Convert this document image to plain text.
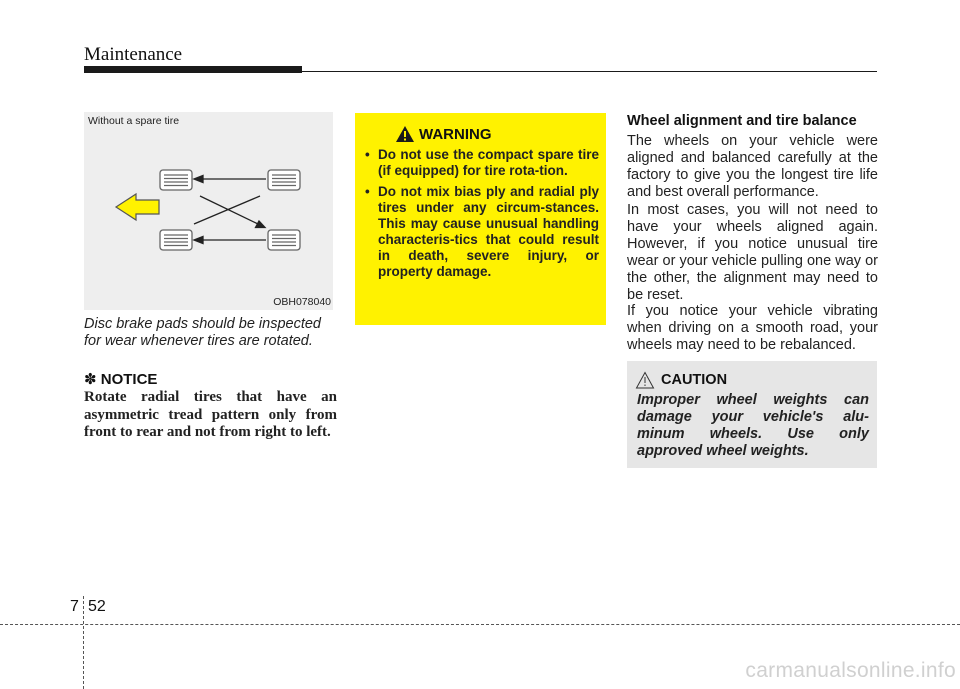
Maintenance
Without a spare tire
OBH078040
Disc brake pads should be inspected for wear whenever tires are rotated.
✽ NOTICE
Rotate radial tires that have an asymmetric tread pattern only from front to rear and not from right to left.
WARNING
• Do not use the compact spare tire (if equipped) for tire rota-tion.
• Do not mix bias ply and radial ply tires under any circum-stances. This may cause unusual handling characteris-tics that could result in death, severe injury, or property damage.
Wheel alignment and tire balance
The wheels on your vehicle were aligned and balanced carefully at the factory to give you the longest tire life and best overall performance.
In most cases, you will not need to have your wheels aligned again. However, if you notice unusual tire wear or your vehicle pulling one way or the other, the alignment may need to be reset.
If you notice your vehicle vibrating when driving on a smooth road, your wheels may need to be rebalanced.
CAUTION
Improper wheel weights can damage your vehicle's alu-minum wheels. Use only approved wheel weights.
7 52
carmanualsonline.info
